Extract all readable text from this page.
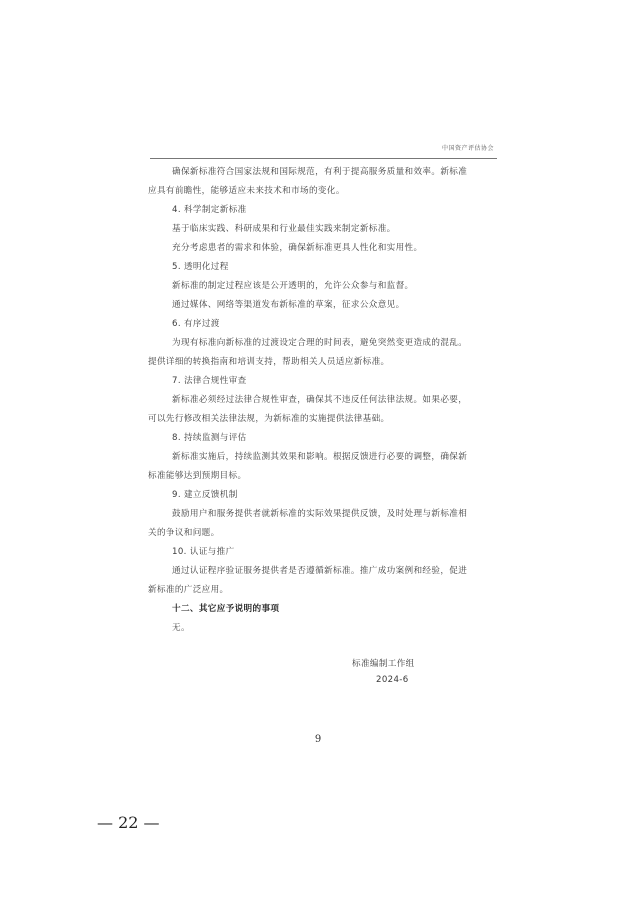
中国资产评估协会
确保新标准符合国家法规和国际规范，有利于提高服务质量和效率。新标准
应具有前瞻性，能够适应未来技术和市场的变化。
4. 科学制定新标准
基于临床实践、科研成果和行业最佳实践来制定新标准。
充分考虑患者的需求和体验，确保新标准更具人性化和实用性。
5. 透明化过程
新标准的制定过程应该是公开透明的，允许公众参与和监督。
通过媒体、网络等渠道发布新标准的草案，征求公众意见。
6. 有序过渡
为现有标准向新标准的过渡设定合理的时间表，避免突然变更造成的混乱。
提供详细的转换指南和培训支持，帮助相关人员适应新标准。
7. 法律合规性审查
新标准必须经过法律合规性审查，确保其不违反任何法律法规。如果必要，
可以先行修改相关法律法规，为新标准的实施提供法律基础。
8. 持续监测与评估
新标准实施后，持续监测其效果和影响。根据反馈进行必要的调整，确保新
标准能够达到预期目标。
9. 建立反馈机制
鼓励用户和服务提供者就新标准的实际效果提供反馈，及时处理与新标准相
关的争议和问题。
10. 认证与推广
通过认证程序验证服务提供者是否遵循新标准。推广成功案例和经验，促进
新标准的广泛应用。
十二、其它应予说明的事项
无。
标准编制工作组
2024-6
9
— 22 —
